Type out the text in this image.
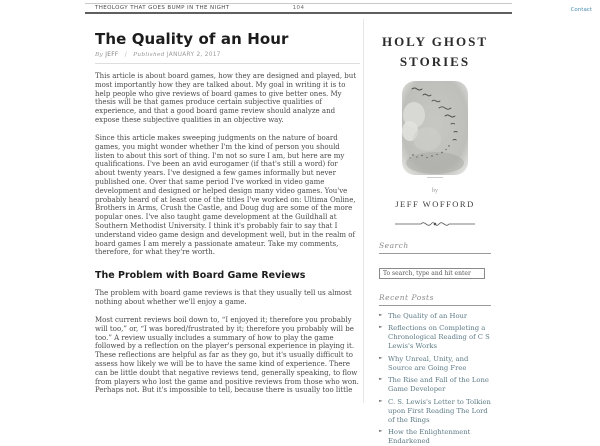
THEOLOGY THAT GOES BUMP IN THE NIGHT	104	Contact
The Quality of an Hour
By JEFF / Published JANUARY 2, 2017

This article is about board games, how they are designed and played, but most importantly how they are talked about. My goal in writing it is to help people who give reviews of board games to give better ones. My thesis will be that games produce certain subjective qualities of experience, and that a good board game review should analyze and expose these subjective qualities in an objective way.

Since this article makes sweeping judgments on the nature of board games, you might wonder whether I'm the kind of person you should listen to about this sort of thing. I'm not so sure I am, but here are my qualifications. I've been an avid eurogamer (if that's still a word) for about twenty years. I've designed a few games informally but never published one. Over that same period I've worked in video game development and designed or helped design many video games. You've probably heard of at least one of the titles I've worked on: Ultima Online, Brothers in Arms, Crush the Castle, and Doug dug are some of the more popular ones. I've also taught game development at the Guildhall at Southern Methodist University. I think it's probably fair to say that I understand video game design and development well, but in the realm of board games I am merely a passionate amateur. Take my comments, therefore, for what they're worth.

The Problem with Board Game Reviews

The problem with board game reviews is that they usually tell us almost nothing about whether we'll enjoy a game.

Most current reviews boil down to, “I enjoyed it; therefore you probably will too,” or, “I was bored/frustrated by it; therefore you probably will be too.” A review usually includes a summary of how to play the game followed by a reflection on the player's personal experience in playing it. These reflections are helpful as far as they go, but it's usually difficult to assess how likely we will be to have the same kind of experience. There can be little doubt that negative reviews tend, generally speaking, to flow from players who lost the game and positive reviews from those who won. Perhaps not. But it's impossible to tell, because there is usually too little

HOLY GHOST
STORIES
by
JEFF WOFFORD
Search
To search, type and hit enter
Recent Posts
► The Quality of an Hour
► Reflections on Completing a Chronological Reading of C S Lewis's Works
► Why Unreal, Unity, and Source are Going Free
► The Rise and Fall of the Lone Game Developer
► C. S. Lewis's Letter to Tolkien upon First Reading The Lord of the Rings
► How the Enlightenment Endarkened
